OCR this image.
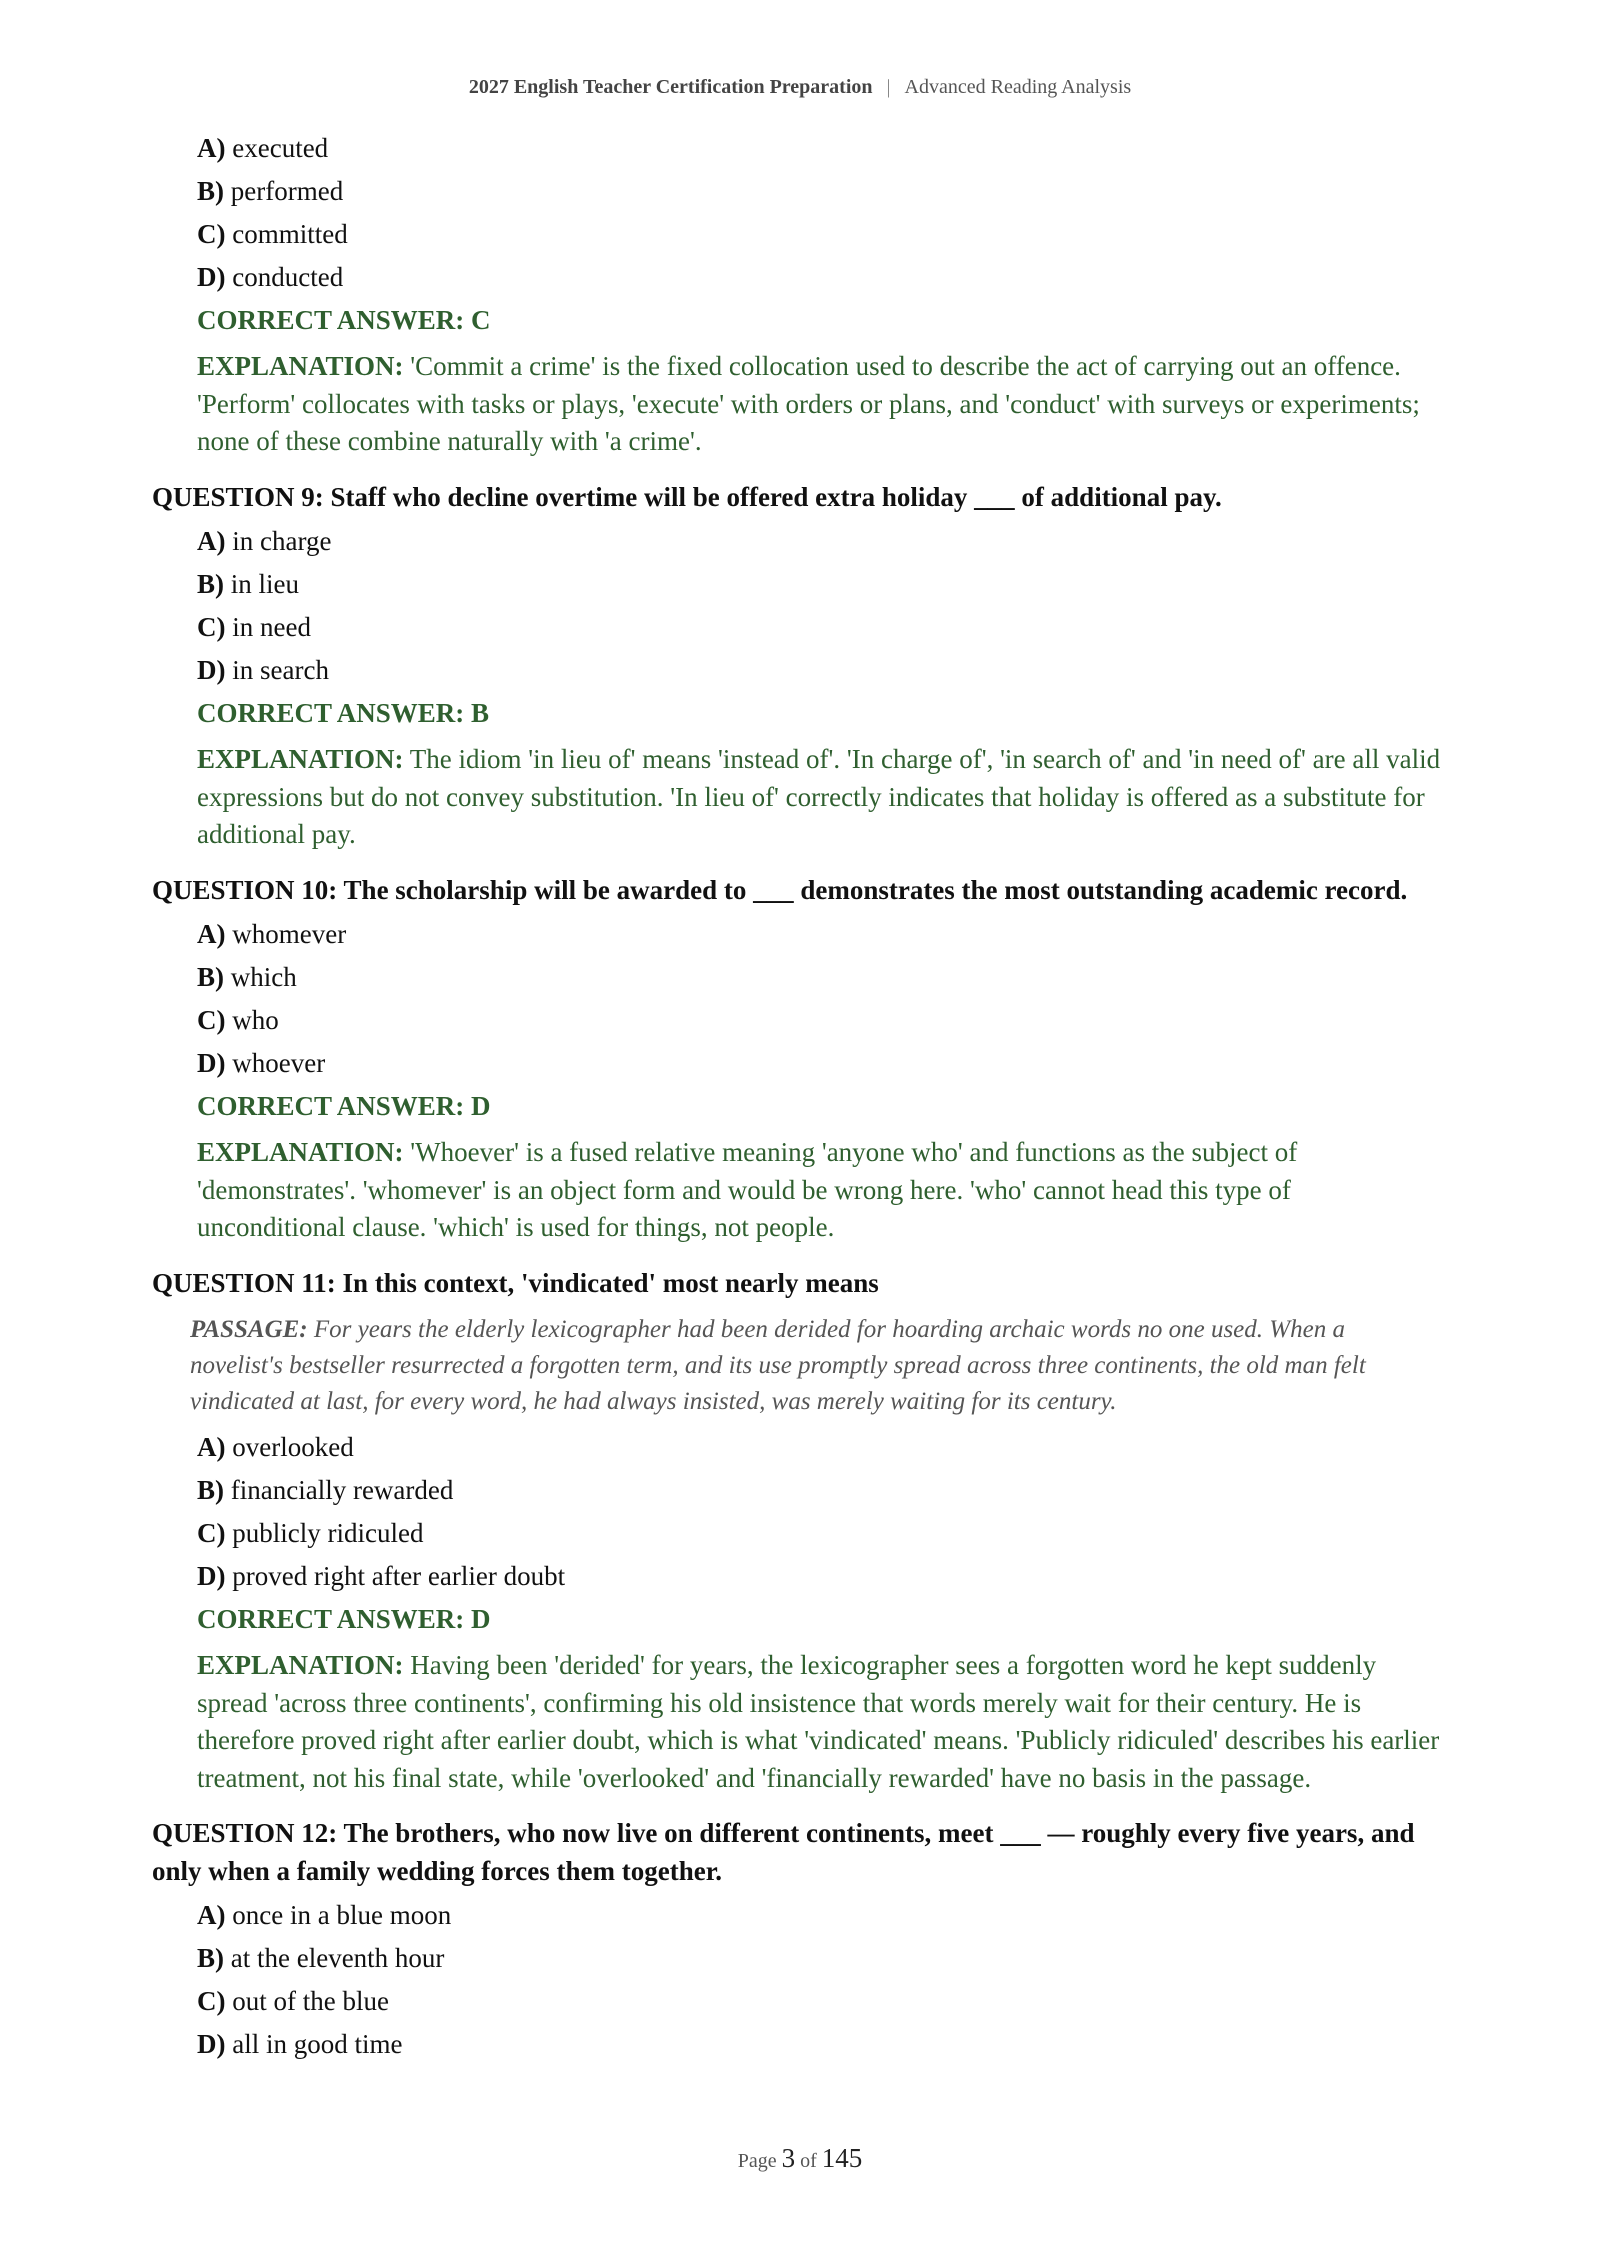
2027 English Teacher Certification Preparation | Advanced Reading Analysis
A) executed
B) performed
C) committed
D) conducted
CORRECT ANSWER: C
EXPLANATION: 'Commit a crime' is the fixed collocation used to describe the act of carrying out an offence. 'Perform' collocates with tasks or plays, 'execute' with orders or plans, and 'conduct' with surveys or experiments; none of these combine naturally with 'a crime'.
QUESTION 9: Staff who decline overtime will be offered extra holiday ___ of additional pay.
A) in charge
B) in lieu
C) in need
D) in search
CORRECT ANSWER: B
EXPLANATION: The idiom 'in lieu of' means 'instead of'. 'In charge of', 'in search of' and 'in need of' are all valid expressions but do not convey substitution. 'In lieu of' correctly indicates that holiday is offered as a substitute for additional pay.
QUESTION 10: The scholarship will be awarded to ___ demonstrates the most outstanding academic record.
A) whomever
B) which
C) who
D) whoever
CORRECT ANSWER: D
EXPLANATION: 'Whoever' is a fused relative meaning 'anyone who' and functions as the subject of 'demonstrates'. 'whomever' is an object form and would be wrong here. 'who' cannot head this type of unconditional clause. 'which' is used for things, not people.
QUESTION 11: In this context, 'vindicated' most nearly means
PASSAGE: For years the elderly lexicographer had been derided for hoarding archaic words no one used. When a novelist's bestseller resurrected a forgotten term, and its use promptly spread across three continents, the old man felt vindicated at last, for every word, he had always insisted, was merely waiting for its century.
A) overlooked
B) financially rewarded
C) publicly ridiculed
D) proved right after earlier doubt
CORRECT ANSWER: D
EXPLANATION: Having been 'derided' for years, the lexicographer sees a forgotten word he kept suddenly spread 'across three continents', confirming his old insistence that words merely wait for their century. He is therefore proved right after earlier doubt, which is what 'vindicated' means. 'Publicly ridiculed' describes his earlier treatment, not his final state, while 'overlooked' and 'financially rewarded' have no basis in the passage.
QUESTION 12: The brothers, who now live on different continents, meet ___ — roughly every five years, and only when a family wedding forces them together.
A) once in a blue moon
B) at the eleventh hour
C) out of the blue
D) all in good time
Page 3 of 145
